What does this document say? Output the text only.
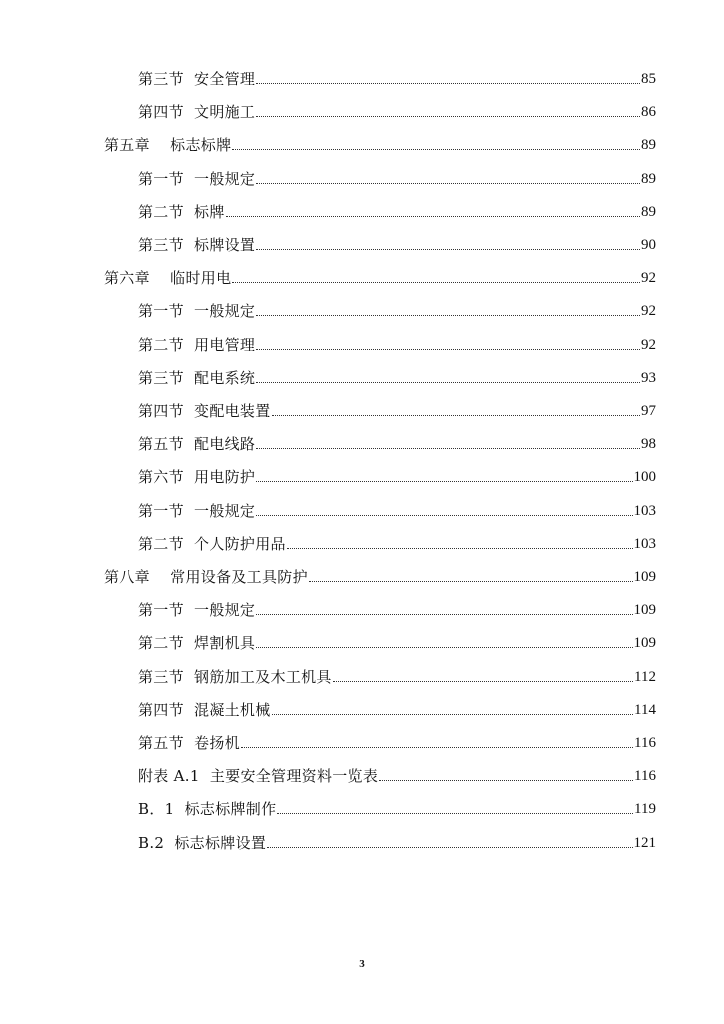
第三节  安全管理	85
第四节  文明施工	86
第五章    标志标牌	89
第一节  一般规定	89
第二节  标牌	89
第三节  标牌设置	90
第六章    临时用电	92
第一节  一般规定	92
第二节  用电管理	92
第三节  配电系统	93
第四节  变配电装置	97
第五节  配电线路	98
第六节  用电防护	100
第一节  一般规定	103
第二节  个人防护用品	103
第八章    常用设备及工具防护	109
第一节  一般规定	109
第二节  焊割机具	109
第三节  钢筋加工及木工机具	112
第四节  混凝土机械	114
第五节  卷扬机	116
附表 A.1  主要安全管理资料一览表	116
B．1  标志标牌制作	119
B.2  标志标牌设置	121
3
